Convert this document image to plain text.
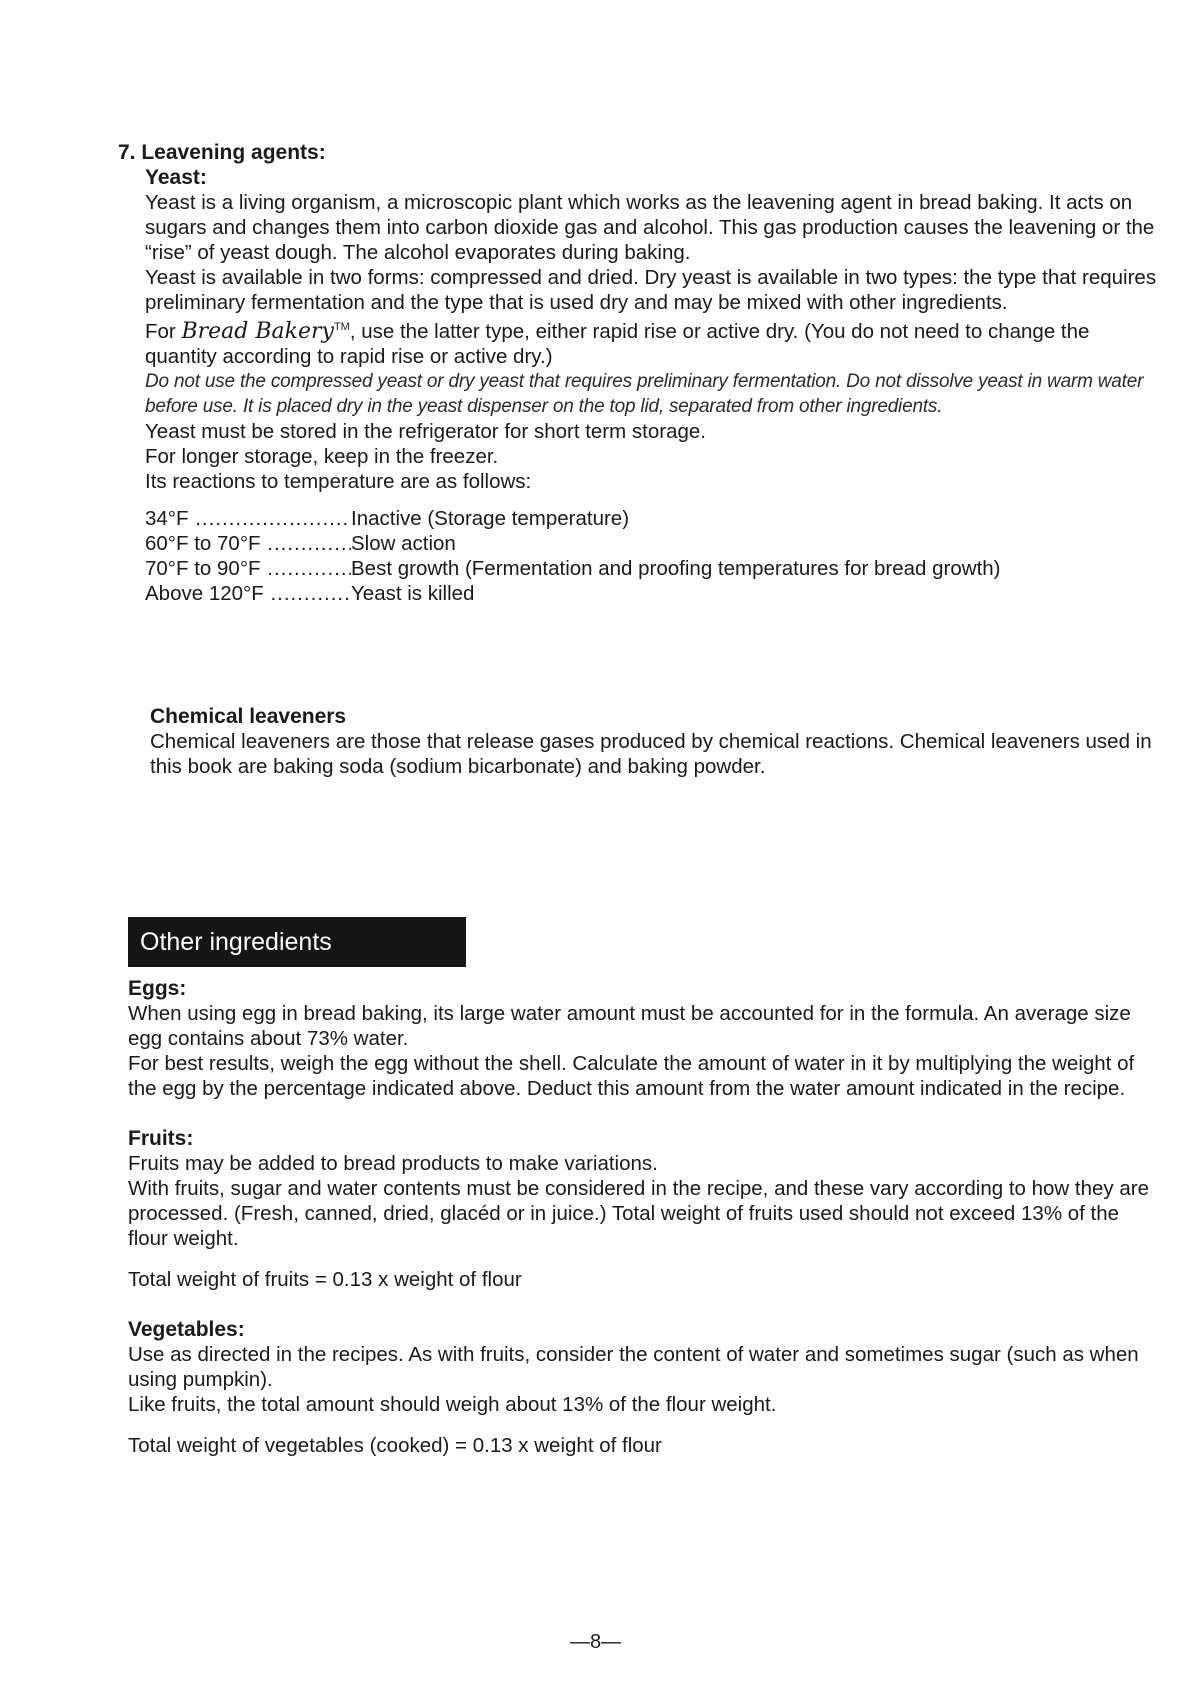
7. Leavening agents:
Yeast:

Yeast is a living organism, a microscopic plant which works as the leavening agent in bread baking. It acts on sugars and changes them into carbon dioxide gas and alcohol. This gas production causes the leavening or the “rise” of yeast dough. The alcohol evaporates during baking.

Yeast is available in two forms: compressed and dried. Dry yeast is available in two types: the type that requires preliminary fermentation and the type that is used dry and may be mixed with other ingredients.

For Bread Bakery™, use the latter type, either rapid rise or active dry. (You do not need to change the quantity according to rapid rise or active dry.)

Do not use the compressed yeast or dry yeast that requires preliminary fermentation. Do not dissolve yeast in warm water before use. It is placed dry in the yeast dispenser on the top lid, separated from other ingredients.

Yeast must be stored in the refrigerator for short term storage.

For longer storage, keep in the freezer.

Its reactions to temperature are as follows:

34°F .....	Inactive (Storage temperature)
60°F to 70°F .....	Slow action
70°F to 90°F .....	Best growth (Fermentation and proofing temperatures for bread growth)
Above 120°F .....	Yeast is killed
Chemical leaveners

Chemical leaveners are those that release gases produced by chemical reactions. Chemical leaveners used in this book are baking soda (sodium bicarbonate) and baking powder.

Other ingredients
Eggs:

When using egg in bread baking, its large water amount must be accounted for in the formula. An average size egg contains about 73% water.

For best results, weigh the egg without the shell. Calculate the amount of water in it by multiplying the weight of the egg by the percentage indicated above. Deduct this amount from the water amount indicated in the recipe.

Fruits:

Fruits may be added to bread products to make variations.

With fruits, sugar and water contents must be considered in the recipe, and these vary according to how they are processed. (Fresh, canned, dried, glacéd or in juice.) Total weight of fruits used should not exceed 13% of the flour weight.

Total weight of fruits = 0.13 x weight of flour

Vegetables:

Use as directed in the recipes. As with fruits, consider the content of water and sometimes sugar (such as when using pumpkin).

Like fruits, the total amount should weigh about 13% of the flour weight.

Total weight of vegetables (cooked) = 0.13 x weight of flour

—8—
